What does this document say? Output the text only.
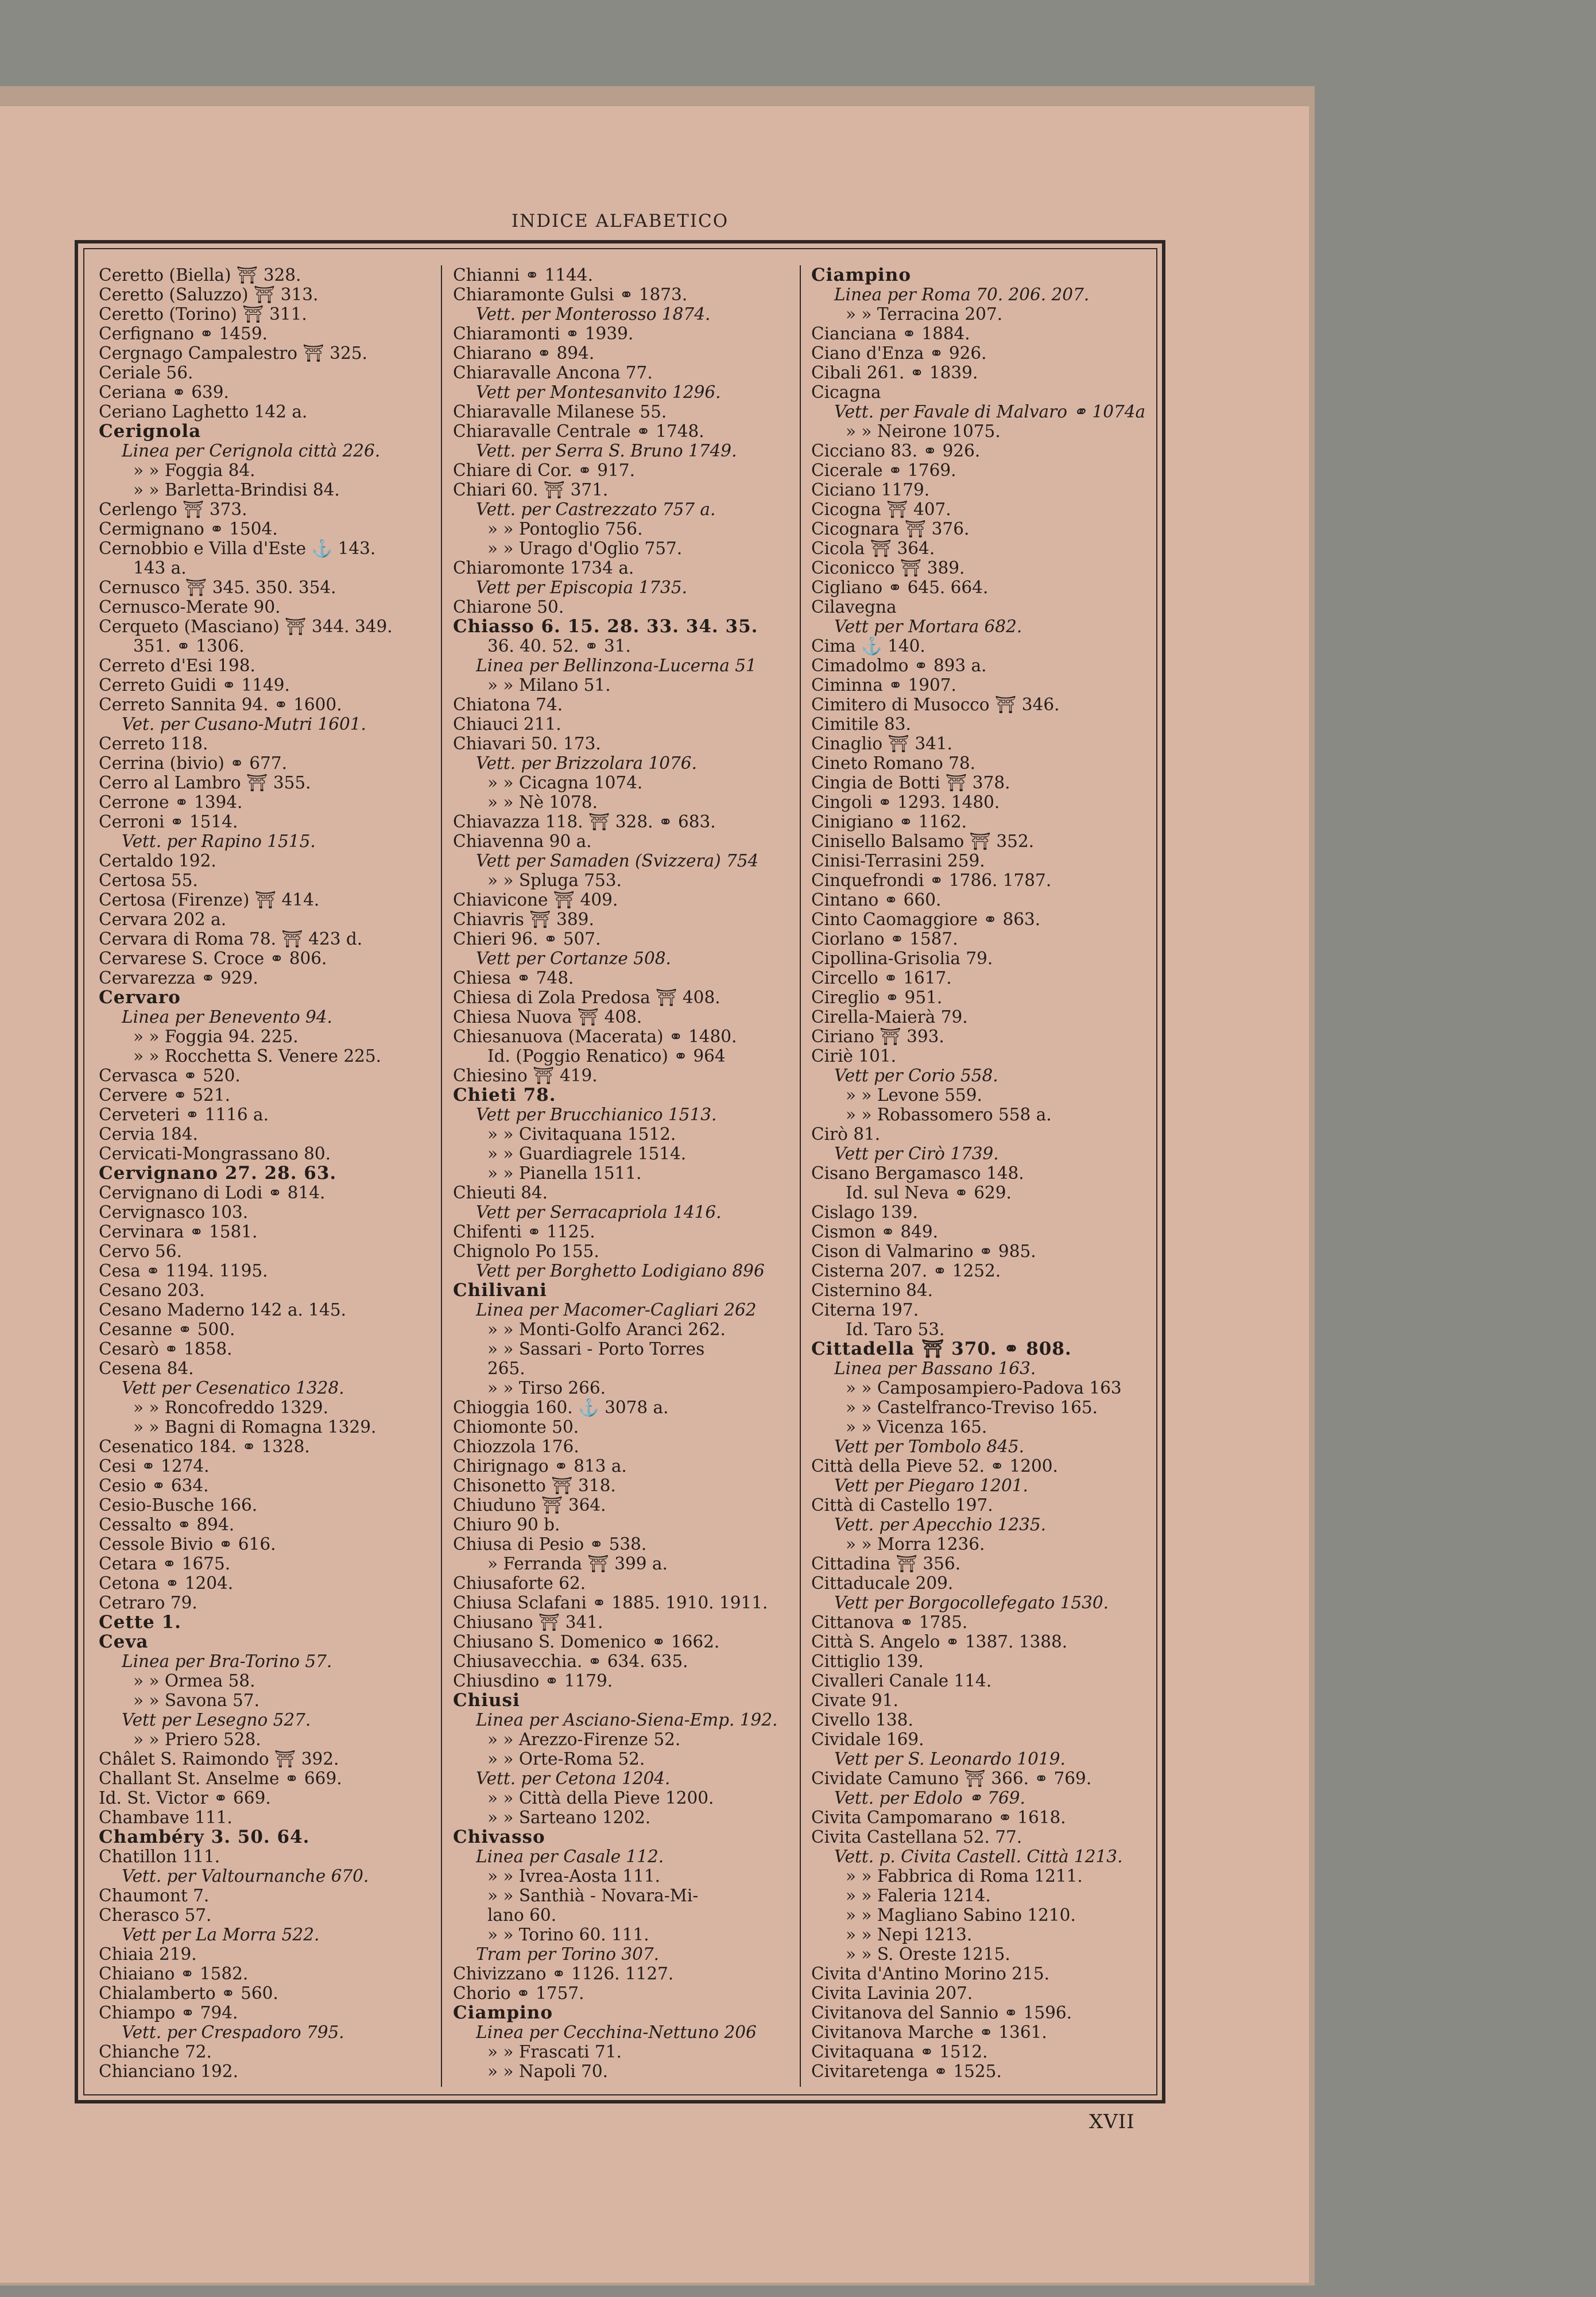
INDICE ALFABETICO
Ceretto (Biella) ⛩ 328.
Ceretto (Saluzzo) ⛩ 313.
Ceretto (Torino) ⛩ 311.
Cerfignano ⚭ 1459.
Cergnago Campalestro ⛩ 325.
Ceriale 56.
Ceriana ⚭ 639.
Ceriano Laghetto 142 a.
Cerignola
Linea per Cerignola città 226.
» » Foggia 84.
» » Barletta-Brindisi 84.
Cerlengo ⛩ 373.
Cermignano ⚭ 1504.
Cernobbio e Villa d'Este ⚓ 143.
143 a.
Cernusco ⛩ 345. 350. 354.
Cernusco-Merate 90.
Cerqueto (Masciano) ⛩ 344. 349.
351. ⚭ 1306.
Cerreto d'Esi 198.
Cerreto Guidi ⚭ 1149.
Cerreto Sannita 94. ⚭ 1600.
Vet. per Cusano-Mutri 1601.
Cerreto 118.
Cerrina (bivio) ⚭ 677.
Cerro al Lambro ⛩ 355.
Cerrone ⚭ 1394.
Cerroni ⚭ 1514.
Vett. per Rapino 1515.
Certaldo 192.
Certosa 55.
Certosa (Firenze) ⛩ 414.
Cervara 202 a.
Cervara di Roma 78. ⛩ 423 d.
Cervarese S. Croce ⚭ 806.
Cervarezza ⚭ 929.
Cervaro
Linea per Benevento 94.
» » Foggia 94. 225.
» » Rocchetta S. Venere 225.
Cervasca ⚭ 520.
Cervere ⚭ 521.
Cerveteri ⚭ 1116 a.
Cervia 184.
Cervicati-Mongrassano 80.
Cervignano 27. 28. 63.
Cervignano di Lodi ⚭ 814.
Cervignasco 103.
Cervinara ⚭ 1581.
Cervo 56.
Cesa ⚭ 1194. 1195.
Cesano 203.
Cesano Maderno 142 a. 145.
Cesanne ⚭ 500.
Cesarò ⚭ 1858.
Cesena 84.
Vett per Cesenatico 1328.
» » Roncofreddo 1329.
» » Bagni di Romagna 1329.
Cesenatico 184. ⚭ 1328.
Cesi ⚭ 1274.
Cesio ⚭ 634.
Cesio-Busche 166.
Cessalto ⚭ 894.
Cessole Bivio ⚭ 616.
Cetara ⚭ 1675.
Cetona ⚭ 1204.
Cetraro 79.
Cette 1.
Ceva
Linea per Bra-Torino 57.
» » Ormea 58.
» » Savona 57.
Vett per Lesegno 527.
» » Priero 528.
Châlet S. Raimondo ⛩ 392.
Challant St. Anselme ⚭ 669.
Id. St. Victor ⚭ 669.
Chambave 111.
Chambéry 3. 50. 64.
Chatillon 111.
Vett. per Valtournanche 670.
Chaumont 7.
Cherasco 57.
Vett per La Morra 522.
Chiaia 219.
Chiaiano ⚭ 1582.
Chialamberto ⚭ 560.
Chiampo ⚭ 794.
Vett. per Crespadoro 795.
Chianche 72.
Chianciano 192.
Chianni ⚭ 1144.
Chiaramonte Gulsi ⚭ 1873.
Vett. per Monterosso 1874.
Chiaramonti ⚭ 1939.
Chiarano ⚭ 894.
Chiaravalle Ancona 77.
Vett per Montesanvito 1296.
Chiaravalle Milanese 55.
Chiaravalle Centrale ⚭ 1748.
Vett. per Serra S. Bruno 1749.
Chiare di Cor. ⚭ 917.
Chiari 60. ⛩ 371.
Vett. per Castrezzato 757 a.
» » Pontoglio 756.
» » Urago d'Oglio 757.
Chiaromonte 1734 a.
Vett per Episcopia 1735.
Chiarone 50.
Chiasso 6. 15. 28. 33. 34. 35.
36. 40. 52. ⚭ 31.
Linea per Bellinzona-Lucerna 51
» » Milano 51.
Chiatona 74.
Chiauci 211.
Chiavari 50. 173.
Vett. per Brizzolara 1076.
» » Cicagna 1074.
» » Nè 1078.
Chiavazza 118. ⛩ 328. ⚭ 683.
Chiavenna 90 a.
Vett per Samaden (Svizzera) 754
» » Spluga 753.
Chiavicone ⛩ 409.
Chiavris ⛩ 389.
Chieri 96. ⚭ 507.
Vett per Cortanze 508.
Chiesa ⚭ 748.
Chiesa di Zola Predosa ⛩ 408.
Chiesa Nuova ⛩ 408.
Chiesanuova (Macerata) ⚭ 1480.
Id. (Poggio Renatico) ⚭ 964
Chiesino ⛩ 419.
Chieti 78.
Vett per Brucchianico 1513.
» » Civitaquana 1512.
» » Guardiagrele 1514.
» » Pianella 1511.
Chieuti 84.
Vett per Serracapriola 1416.
Chifenti ⚭ 1125.
Chignolo Po 155.
Vett per Borghetto Lodigiano 896
Chilivani
Linea per Macomer-Cagliari 262
» » Monti-Golfo Aranci 262.
» » Sassari - Porto Torres
265.
» » Tirso 266.
Chioggia 160. ⚓ 3078 a.
Chiomonte 50.
Chiozzola 176.
Chirignago ⚭ 813 a.
Chisonetto ⛩ 318.
Chiuduno ⛩ 364.
Chiuro 90 b.
Chiusa di Pesio ⚭ 538.
» Ferranda ⛩ 399 a.
Chiusaforte 62.
Chiusa Sclafani ⚭ 1885. 1910. 1911.
Chiusano ⛩ 341.
Chiusano S. Domenico ⚭ 1662.
Chiusavecchia. ⚭ 634. 635.
Chiusdino ⚭ 1179.
Chiusi
Linea per Asciano-Siena-Emp. 192.
» » Arezzo-Firenze 52.
» » Orte-Roma 52.
Vett. per Cetona 1204.
» » Città della Pieve 1200.
» » Sarteano 1202.
Chivasso
Linea per Casale 112.
» » Ivrea-Aosta 111.
» » Santhià - Novara-Mi-
lano 60.
» » Torino 60. 111.
Tram per Torino 307.
Chivizzano ⚭ 1126. 1127.
Chorio ⚭ 1757.
Ciampino
Linea per Cecchina-Nettuno 206
» » Frascati 71.
» » Napoli 70.
Ciampino
Linea per Roma 70. 206. 207.
» » Terracina 207.
Cianciana ⚭ 1884.
Ciano d'Enza ⚭ 926.
Cibali 261. ⚭ 1839.
Cicagna
Vett. per Favale di Malvaro ⚭ 1074a
» » Neirone 1075.
Cicciano 83. ⚭ 926.
Cicerale ⚭ 1769.
Ciciano 1179.
Cicogna ⛩ 407.
Cicognara ⛩ 376.
Cicola ⛩ 364.
Ciconicco ⛩ 389.
Cigliano ⚭ 645. 664.
Cilavegna
Vett per Mortara 682.
Cima ⚓ 140.
Cimadolmo ⚭ 893 a.
Ciminna ⚭ 1907.
Cimitero di Musocco ⛩ 346.
Cimitile 83.
Cinaglio ⛩ 341.
Cineto Romano 78.
Cingia de Botti ⛩ 378.
Cingoli ⚭ 1293. 1480.
Cinigiano ⚭ 1162.
Cinisello Balsamo ⛩ 352.
Cinisi-Terrasini 259.
Cinquefrondi ⚭ 1786. 1787.
Cintano ⚭ 660.
Cinto Caomaggiore ⚭ 863.
Ciorlano ⚭ 1587.
Cipollina-Grisolia 79.
Circello ⚭ 1617.
Cireglio ⚭ 951.
Cirella-Maierà 79.
Ciriano ⛩ 393.
Ciriè 101.
Vett per Corio 558.
» » Levone 559.
» » Robassomero 558 a.
Cirò 81.
Vett per Cirò 1739.
Cisano Bergamasco 148.
Id. sul Neva ⚭ 629.
Cislago 139.
Cismon ⚭ 849.
Cison di Valmarino ⚭ 985.
Cisterna 207. ⚭ 1252.
Cisternino 84.
Citerna 197.
Id. Taro 53.
Cittadella ⛩ 370. ⚭ 808.
Linea per Bassano 163.
» » Camposampiero-Padova 163
» » Castelfranco-Treviso 165.
» » Vicenza 165.
Vett per Tombolo 845.
Città della Pieve 52. ⚭ 1200.
Vett per Piegaro 1201.
Città di Castello 197.
Vett. per Apecchio 1235.
» » Morra 1236.
Cittadina ⛩ 356.
Cittaducale 209.
Vett per Borgocollefegato 1530.
Cittanova ⚭ 1785.
Città S. Angelo ⚭ 1387. 1388.
Cittiglio 139.
Civalleri Canale 114.
Civate 91.
Civello 138.
Cividale 169.
Vett per S. Leonardo 1019.
Cividate Camuno ⛩ 366. ⚭ 769.
Vett. per Edolo ⚭ 769.
Civita Campomarano ⚭ 1618.
Civita Castellana 52. 77.
Vett. p. Civita Castell. Città 1213.
» » Fabbrica di Roma 1211.
» » Faleria 1214.
» » Magliano Sabino 1210.
» » Nepi 1213.
» » S. Oreste 1215.
Civita d'Antino Morino 215.
Civita Lavinia 207.
Civitanova del Sannio ⚭ 1596.
Civitanova Marche ⚭ 1361.
Civitaquana ⚭ 1512.
Civitaretenga ⚭ 1525.
XVII
